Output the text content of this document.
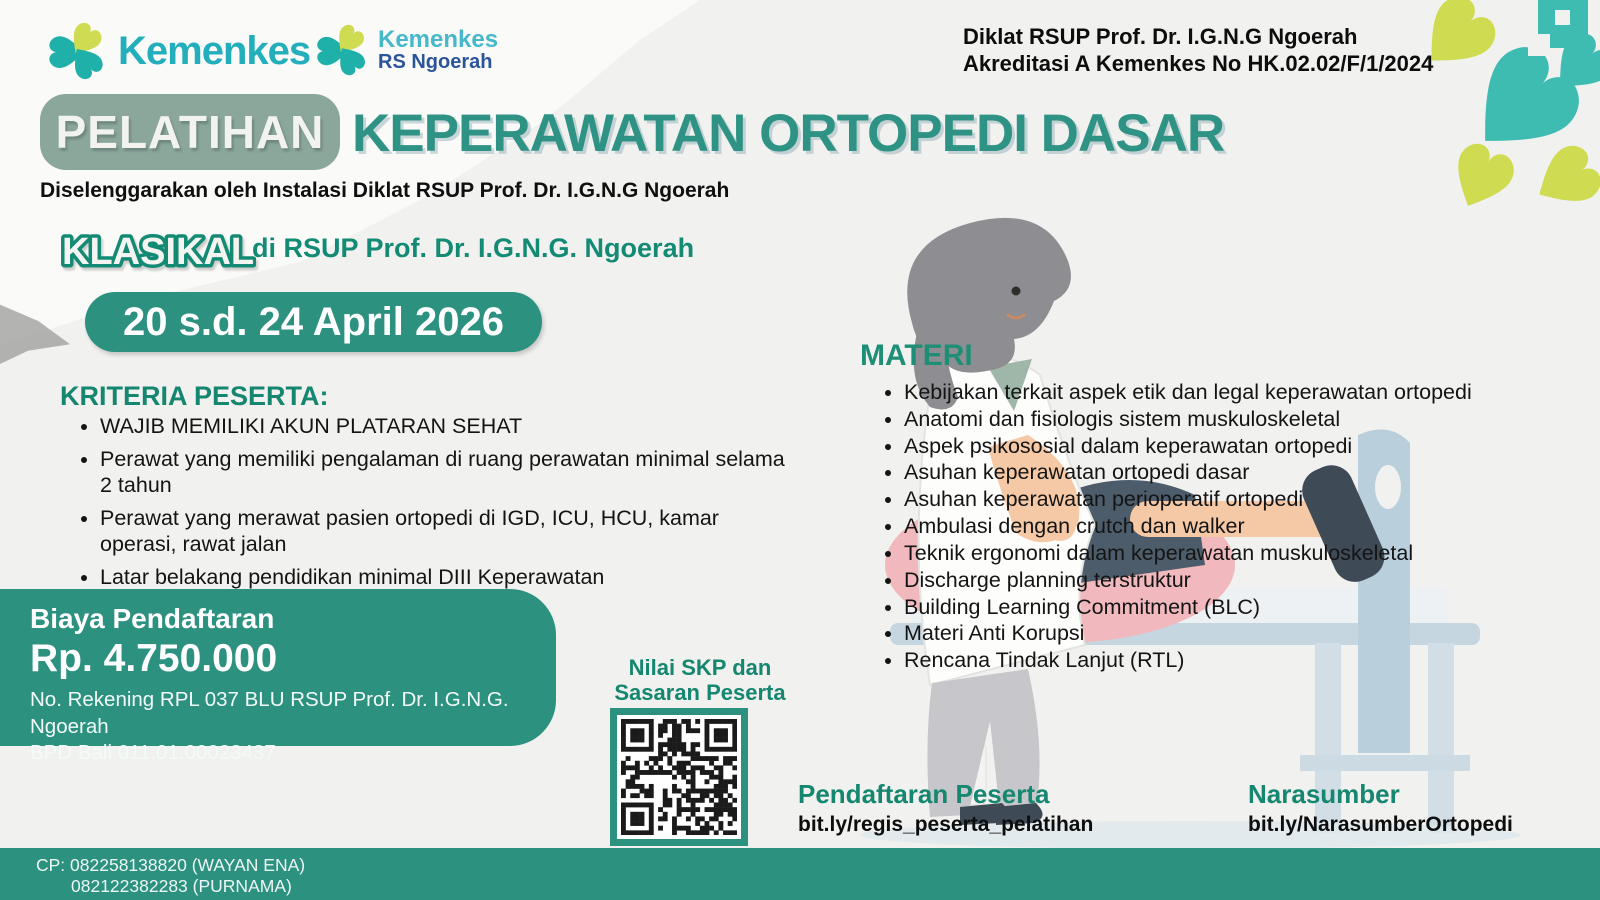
Kemenkes	Kemenkes
RS Ngoerah
Diklat RSUP Prof. Dr. I.G.N.G Ngoerah
Akreditasi A Kemenkes No HK.02.02/F/1/2024
PELATIHAN KEPERAWATAN ORTOPEDI DASAR
Diselenggarakan oleh Instalasi Diklat RSUP Prof. Dr. I.G.N.G Ngoerah
KLASIKAL
di RSUP Prof. Dr. I.G.N.G. Ngoerah
20 s.d. 24 April 2026
KRITERIA PESERTA:
• WAJIB MEMILIKI AKUN PLATARAN SEHAT
• Perawat yang memiliki pengalaman di ruang perawatan minimal selama 2 tahun
• Perawat yang merawat pasien ortopedi di IGD, ICU, HCU, kamar operasi, rawat jalan
• Latar belakang pendidikan minimal DIII Keperawatan
Biaya Pendaftaran
Rp. 4.750.000
No. Rekening RPL 037 BLU RSUP Prof. Dr. I.G.N.G. Ngoerah
BPD Bali 011.01.00023437
Nilai SKP dan
Sasaran Peserta
MATERI
• Kebijakan terkait aspek etik dan legal keperawatan ortopedi
• Anatomi dan fisiologis sistem muskuloskeletal
• Aspek psikososial dalam keperawatan ortopedi
• Asuhan keperawatan ortopedi dasar
• Asuhan keperawatan perioperatif ortopedi
• Ambulasi dengan crutch dan walker
• Teknik ergonomi dalam keperawatan muskuloskeletal
• Discharge planning terstruktur
• Building Learning Commitment (BLC)
• Materi Anti Korupsi
• Rencana Tindak Lanjut (RTL)
Pendaftaran Peserta
bit.ly/regis_peserta_pelatihan
Narasumber
bit.ly/NarasumberOrtopedi
CP: 082258138820 (WAYAN ENA)
082122382283 (PURNAMA)
